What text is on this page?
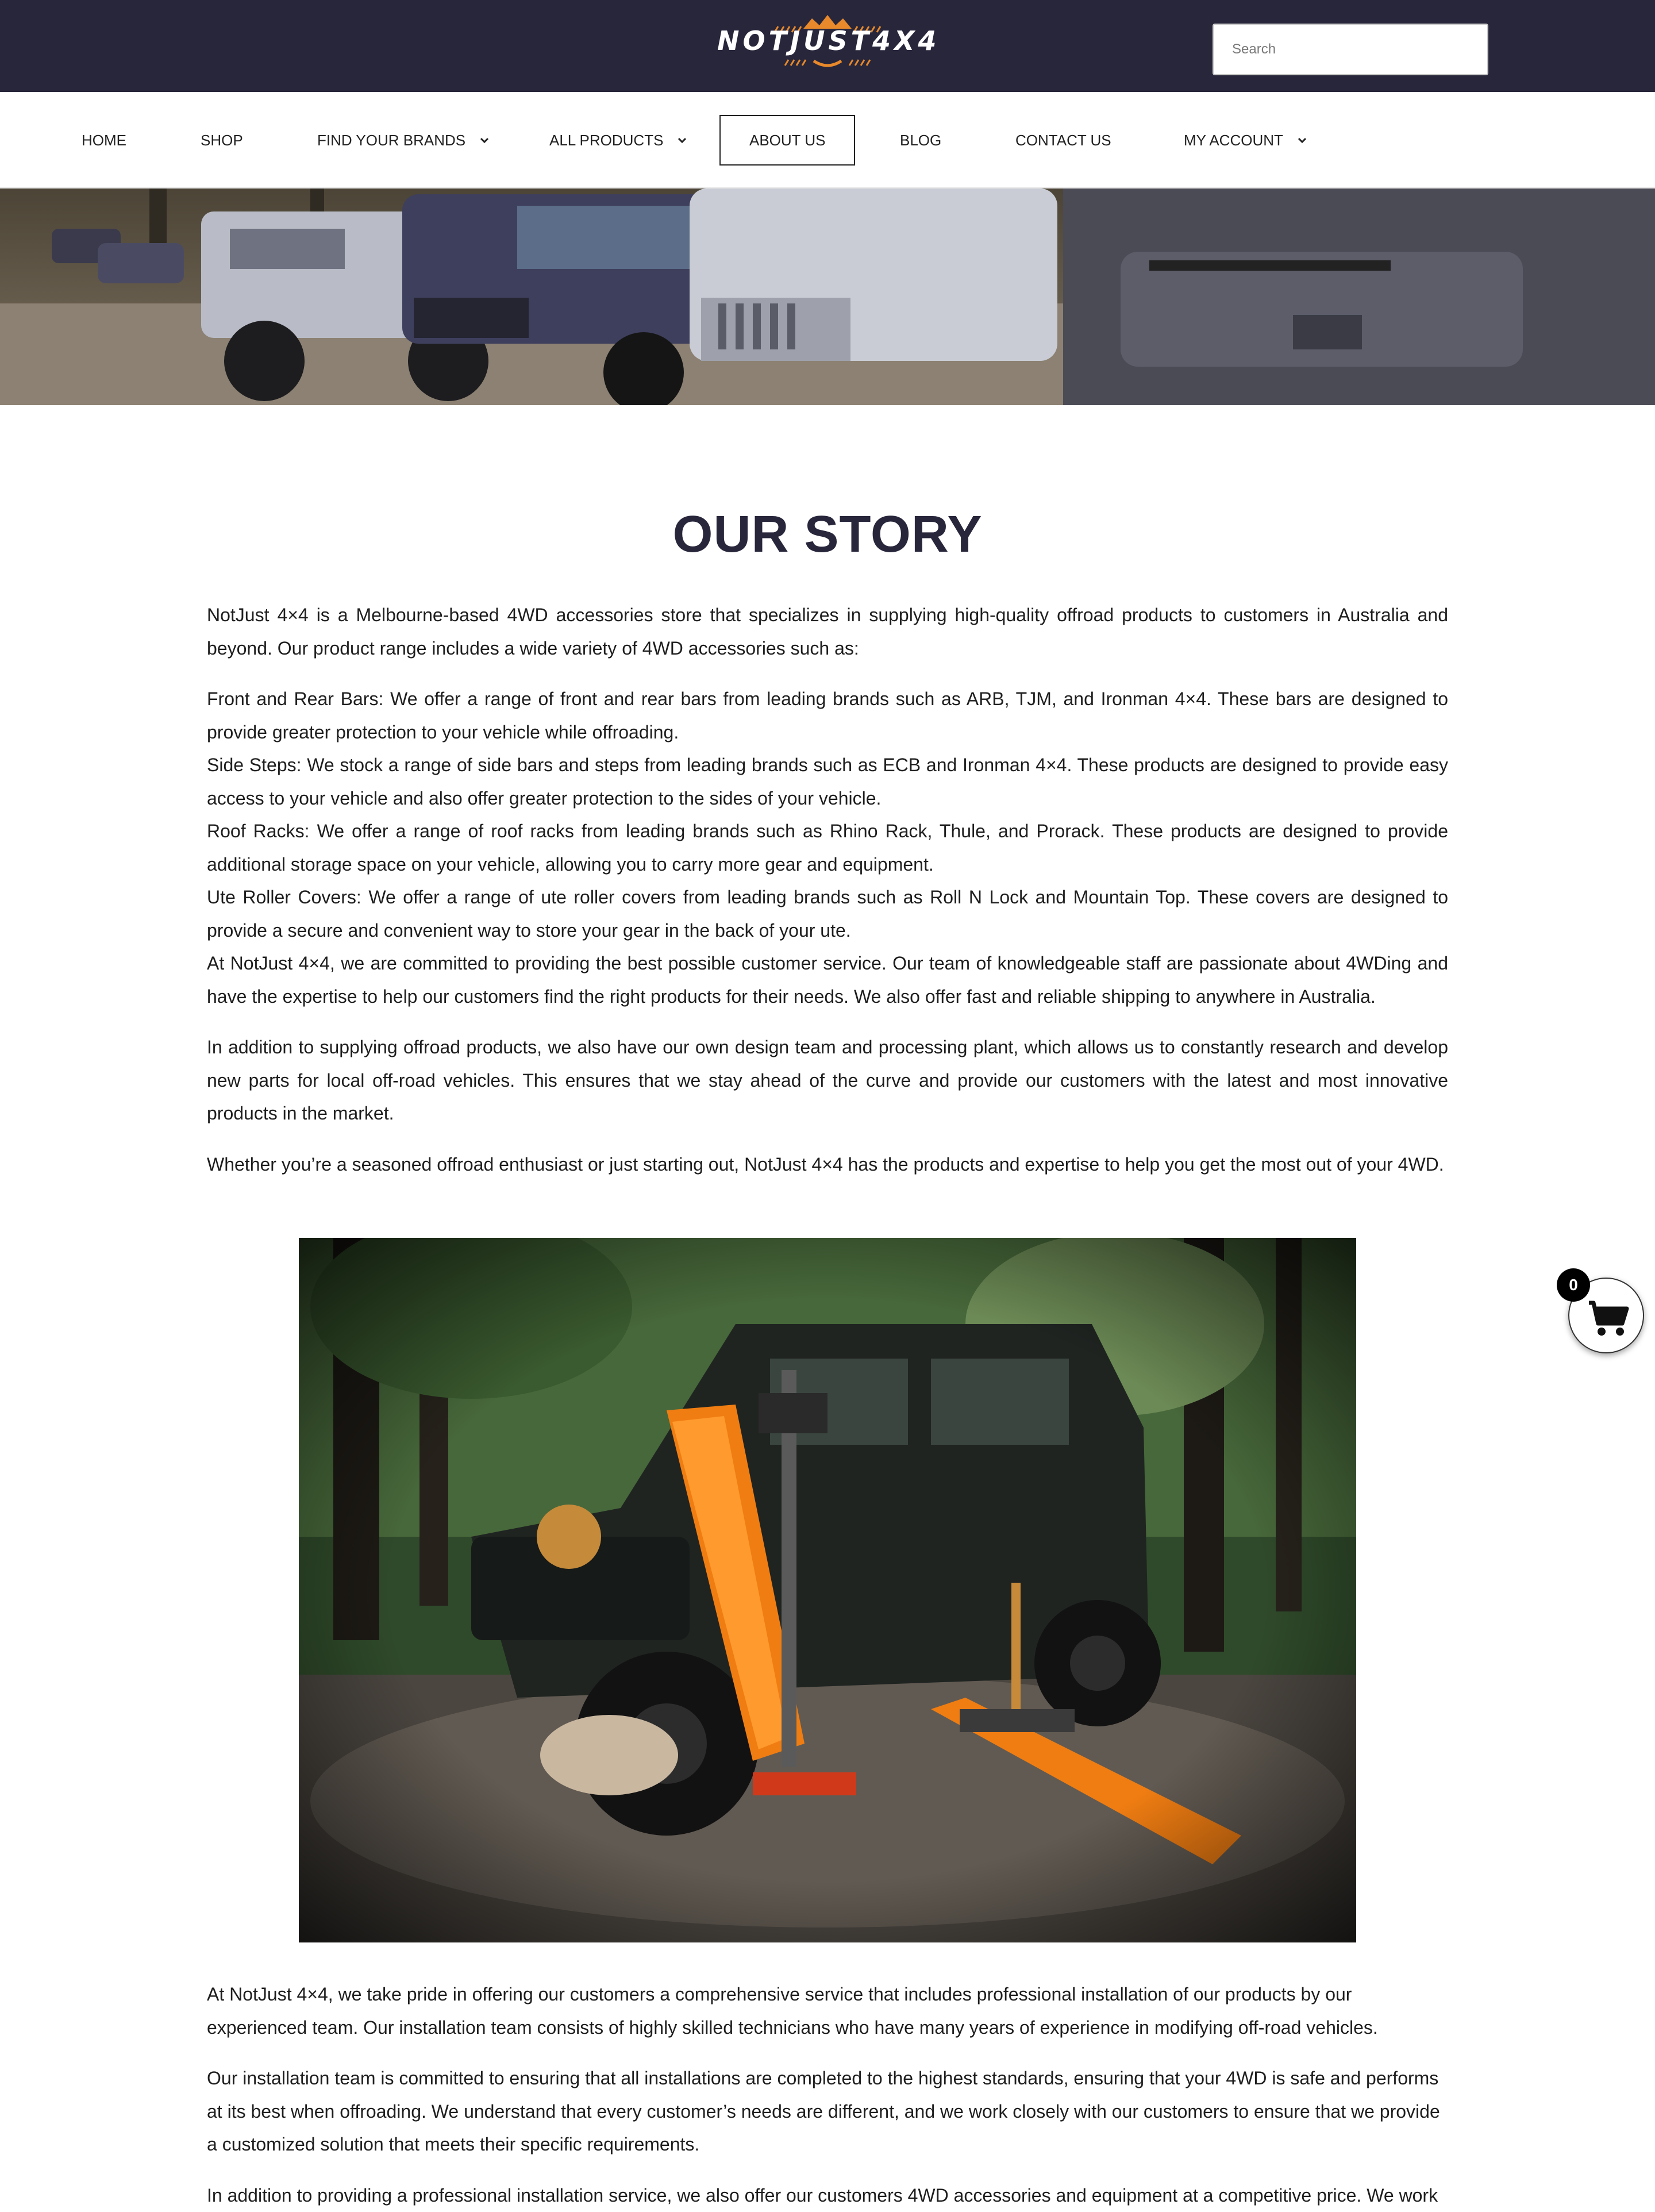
NOTJUST4X4
Search
HOME	SHOP	FIND YOUR BRANDS	ALL PRODUCTS	ABOUT US	BLOG	CONTACT US	MY ACCOUNT
OUR STORY

NotJust 4×4 is a Melbourne-based 4WD accessories store that specializes in supplying high-quality offroad products to customers in Australia and beyond. Our product range includes a wide variety of 4WD accessories such as:

Front and Rear Bars: We offer a range of front and rear bars from leading brands such as ARB, TJM, and Ironman 4×4. These bars are designed to provide greater protection to your vehicle while offroading.

Side Steps: We stock a range of side bars and steps from leading brands such as ECB and Ironman 4×4. These products are designed to provide easy access to your vehicle and also offer greater protection to the sides of your vehicle.

Roof Racks: We offer a range of roof racks from leading brands such as Rhino Rack, Thule, and Prorack. These products are designed to provide additional storage space on your vehicle, allowing you to carry more gear and equipment.

Ute Roller Covers: We offer a range of ute roller covers from leading brands such as Roll N Lock and Mountain Top. These covers are designed to provide a secure and convenient way to store your gear in the back of your ute.

At NotJust 4×4, we are committed to providing the best possible customer service. Our team of knowledgeable staff are passionate about 4WDing and have the expertise to help our customers find the right products for their needs. We also offer fast and reliable shipping to anywhere in Australia.

In addition to supplying offroad products, we also have our own design team and processing plant, which allows us to constantly research and develop new parts for local off-road vehicles. This ensures that we stay ahead of the curve and provide our customers with the latest and most innovative products in the market.

Whether you’re a seasoned offroad enthusiast or just starting out, NotJust 4×4 has the products and expertise to help you get the most out of your 4WD.

At NotJust 4×4, we take pride in offering our customers a comprehensive service that includes professional installation of our products by our experienced team. Our installation team consists of highly skilled technicians who have many years of experience in modifying off-road vehicles.

Our installation team is committed to ensuring that all installations are completed to the highest standards, ensuring that your 4WD is safe and performs at its best when offroading. We understand that every customer’s needs are different, and we work closely with our customers to ensure that we provide a customized solution that meets their specific requirements.

In addition to providing a professional installation service, we also offer our customers 4WD accessories and equipment at a competitive price. We work

0
